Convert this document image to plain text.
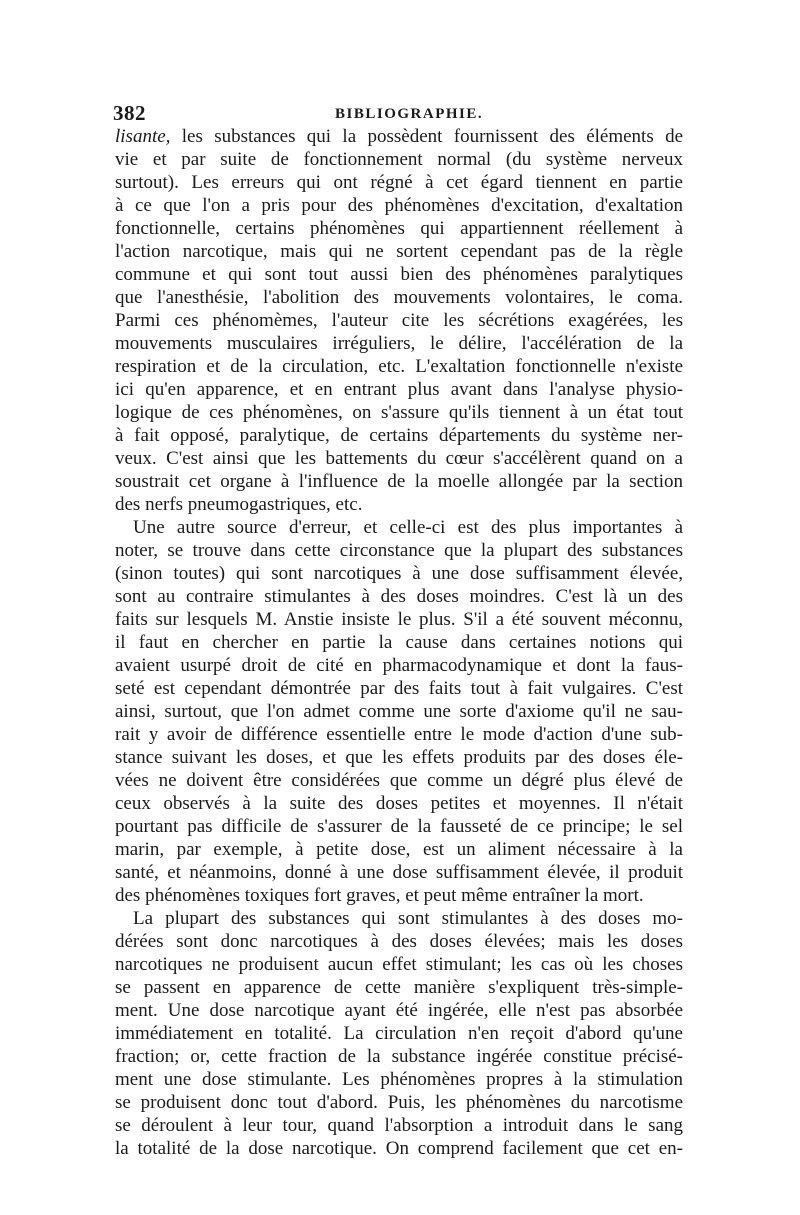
382	BIBLIOGRAPHIE.
lisante, les substances qui la possèdent fournissent des éléments de
vie et par suite de fonctionnement normal (du système nerveux
surtout). Les erreurs qui ont régné à cet égard tiennent en partie
à ce que l'on a pris pour des phénomènes d'excitation, d'exaltation
fonctionnelle, certains phénomènes qui appartiennent réellement à
l'action narcotique, mais qui ne sortent cependant pas de la règle
commune et qui sont tout aussi bien des phénomènes paralytiques
que l'anesthésie, l'abolition des mouvements volontaires, le coma.
Parmi ces phénomèmes, l'auteur cite les sécrétions exagérées, les
mouvements musculaires irréguliers, le délire, l'accélération de la
respiration et de la circulation, etc. L'exaltation fonctionnelle n'existe
ici qu'en apparence, et en entrant plus avant dans l'analyse physio-
logique de ces phénomènes, on s'assure qu'ils tiennent à un état tout
à fait opposé, paralytique, de certains départements du système ner-
veux. C'est ainsi que les battements du cœur s'accélèrent quand on a
soustrait cet organe à l'influence de la moelle allongée par la section
des nerfs pneumogastriques, etc.
Une autre source d'erreur, et celle-ci est des plus importantes à
noter, se trouve dans cette circonstance que la plupart des substances
(sinon toutes) qui sont narcotiques à une dose suffisamment élevée,
sont au contraire stimulantes à des doses moindres. C'est là un des
faits sur lesquels M. Anstie insiste le plus. S'il a été souvent méconnu,
il faut en chercher en partie la cause dans certaines notions qui
avaient usurpé droit de cité en pharmacodynamique et dont la faus-
seté est cependant démontrée par des faits tout à fait vulgaires. C'est
ainsi, surtout, que l'on admet comme une sorte d'axiome qu'il ne sau-
rait y avoir de différence essentielle entre le mode d'action d'une sub-
stance suivant les doses, et que les effets produits par des doses éle-
vées ne doivent être considérées que comme un dégré plus élevé de
ceux observés à la suite des doses petites et moyennes. Il n'était
pourtant pas difficile de s'assurer de la fausseté de ce principe; le sel
marin, par exemple, à petite dose, est un aliment nécessaire à la
santé, et néanmoins, donné à une dose suffisamment élevée, il produit
des phénomènes toxiques fort graves, et peut même entraîner la mort.
La plupart des substances qui sont stimulantes à des doses mo-
dérées sont donc narcotiques à des doses élevées; mais les doses
narcotiques ne produisent aucun effet stimulant; les cas où les choses
se passent en apparence de cette manière s'expliquent très-simple-
ment. Une dose narcotique ayant été ingérée, elle n'est pas absorbée
immédiatement en totalité. La circulation n'en reçoit d'abord qu'une
fraction; or, cette fraction de la substance ingérée constitue précisé-
ment une dose stimulante. Les phénomènes propres à la stimulation
se produisent donc tout d'abord. Puis, les phénomènes du narcotisme
se déroulent à leur tour, quand l'absorption a introduit dans le sang
la totalité de la dose narcotique. On comprend facilement que cet en-
